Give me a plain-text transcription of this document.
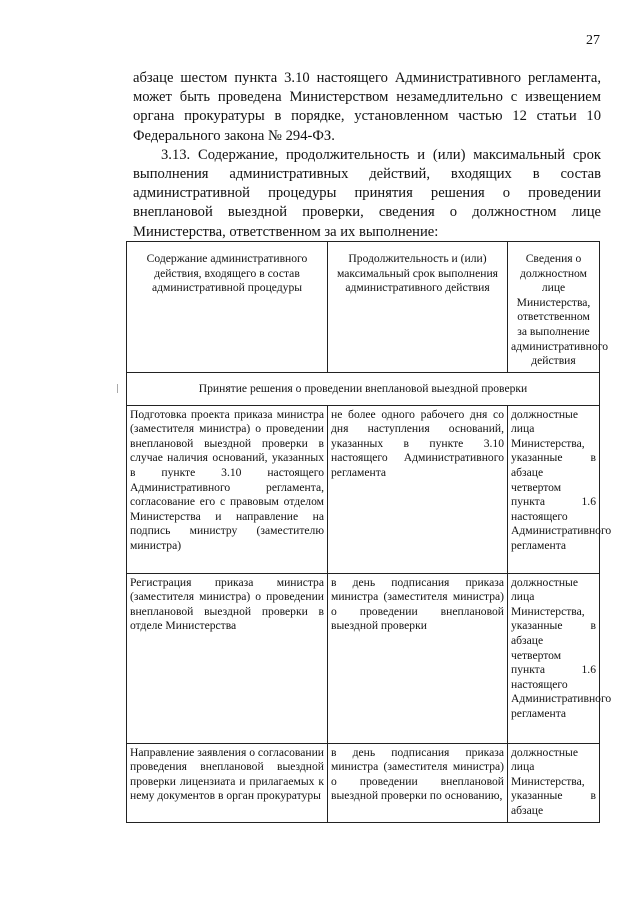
27

абзаце шестом пункта 3.10 настоящего Административного регламента, может быть проведена Министерством незамедлительно с извещением органа прокуратуры в порядке, установленном частью 12 статьи 10 Федерального закона № 294-ФЗ.

3.13. Содержание, продолжительность и (или) максимальный срок выполнения административных действий, входящих в состав административной процедуры принятия решения о проведении внеплановой выездной проверки, сведения о должностном лице Министерства, ответственном за их выполнение:

Содержание административного действия, входящего в состав административной процедуры	Продолжительность и (или) максимальный срок выполнения административного действия	Сведения о должностном лице Министерства, ответственном за выполнение административного действия
Принятие решения о проведении внеплановой выездной проверки		
Подготовка проекта приказа министра (заместителя министра) о проведении внеплановой выездной проверки в случае наличия оснований, указанных в пункте 3.10 настоящего Административного регламента, согласование его с правовым отделом Министерства и направление на подпись министру (заместителю министра)	не более одного рабочего дня со дня наступления оснований, указанных в пункте 3.10 настоящего Административного регламента	должностные лица Министерства, указанные в абзаце четвертом пункта 1.6 настоящего Административного регламента
Регистрация приказа министра (заместителя министра) о проведении внеплановой выездной проверки в отделе Министерства	в день подписания приказа министра (заместителя министра) о проведении внеплановой выездной проверки	должностные лица Министерства, указанные в абзаце четвертом пункта 1.6 настоящего Административного регламента
Направление заявления о согласовании проведения внеплановой выездной проверки лицензиата и прилагаемых к нему документов в орган прокуратуры	в день подписания приказа министра (заместителя министра) о проведении внеплановой выездной проверки по основанию,	должностные лица Министерства, указанные в абзаце
